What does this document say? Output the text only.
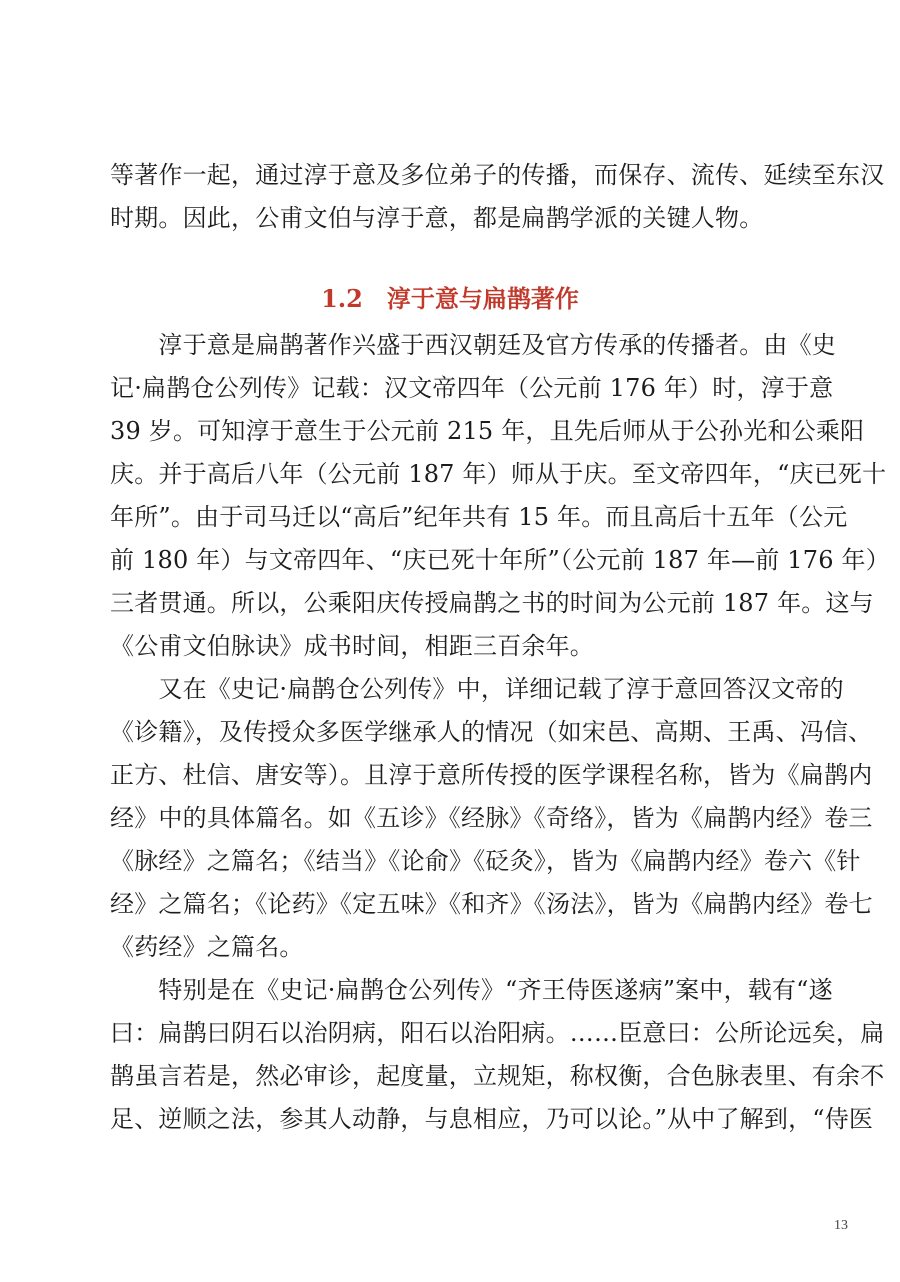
等著作一起，通过淳于意及多位弟子的传播，而保存、流传、延续至东汉
时期。因此，公甫文伯与淳于意，都是扁鹊学派的关键人物。
1.2　淳于意与扁鹊著作
　　淳于意是扁鹊著作兴盛于西汉朝廷及官方传承的传播者。由《史
记·扁鹊仓公列传》记载：汉文帝四年（公元前 176 年）时，淳于意
39 岁。可知淳于意生于公元前 215 年，且先后师从于公孙光和公乘阳
庆。并于高后八年（公元前 187 年）师从于庆。至文帝四年，“庆已死十
年所”。由于司马迁以“高后”纪年共有 15 年。而且高后十五年（公元
前 180 年）与文帝四年、“庆已死十年所”（公元前 187 年—前 176 年）
三者贯通。所以，公乘阳庆传授扁鹊之书的时间为公元前 187 年。这与
《公甫文伯脉诀》成书时间，相距三百余年。
　　又在《史记·扁鹊仓公列传》中，详细记载了淳于意回答汉文帝的
《诊籍》，及传授众多医学继承人的情况（如宋邑、高期、王禹、冯信、
正方、杜信、唐安等）。且淳于意所传授的医学课程名称，皆为《扁鹊内
经》中的具体篇名。如《五诊》《经脉》《奇络》，皆为《扁鹊内经》卷三
《脉经》之篇名；《结当》《论俞》《砭灸》，皆为《扁鹊内经》卷六《针
经》之篇名；《论药》《定五味》《和齐》《汤法》，皆为《扁鹊内经》卷七
《药经》之篇名。
　　特别是在《史记·扁鹊仓公列传》“齐王侍医遂病”案中，载有“遂
曰：扁鹊曰阴石以治阴病，阳石以治阳病。……臣意曰：公所论远矣，扁
鹊虽言若是，然必审诊，起度量，立规矩，称权衡，合色脉表里、有余不
足、逆顺之法，参其人动静，与息相应，乃可以论。”从中了解到，“侍医
13
